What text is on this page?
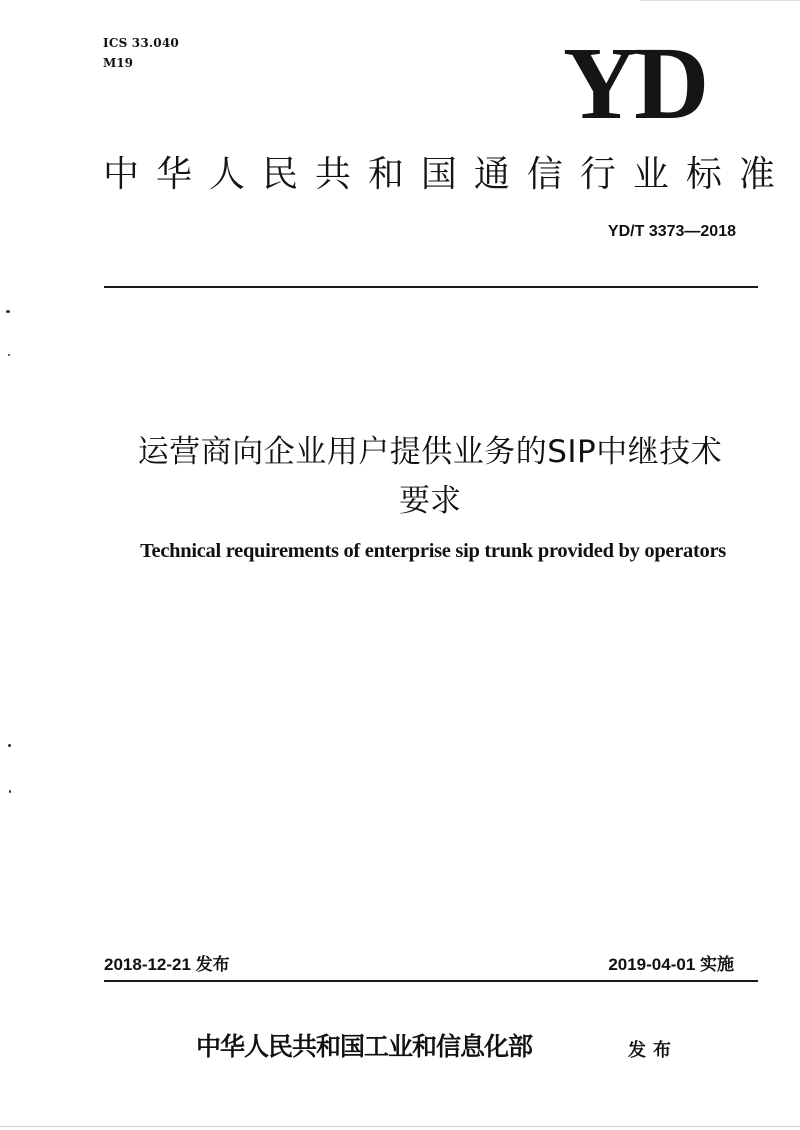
ICS 33.040
M19	YD
中 华 人 民 共 和 国 通 信 行 业 标 准
YD/T 3373—2018
运营商向企业用户提供业务的SIP中继技术
要求
Technical requirements of enterprise sip trunk provided by operators
2018-12-21 发布	2019-04-01 实施
中华人民共和国工业和信息化部	发布
